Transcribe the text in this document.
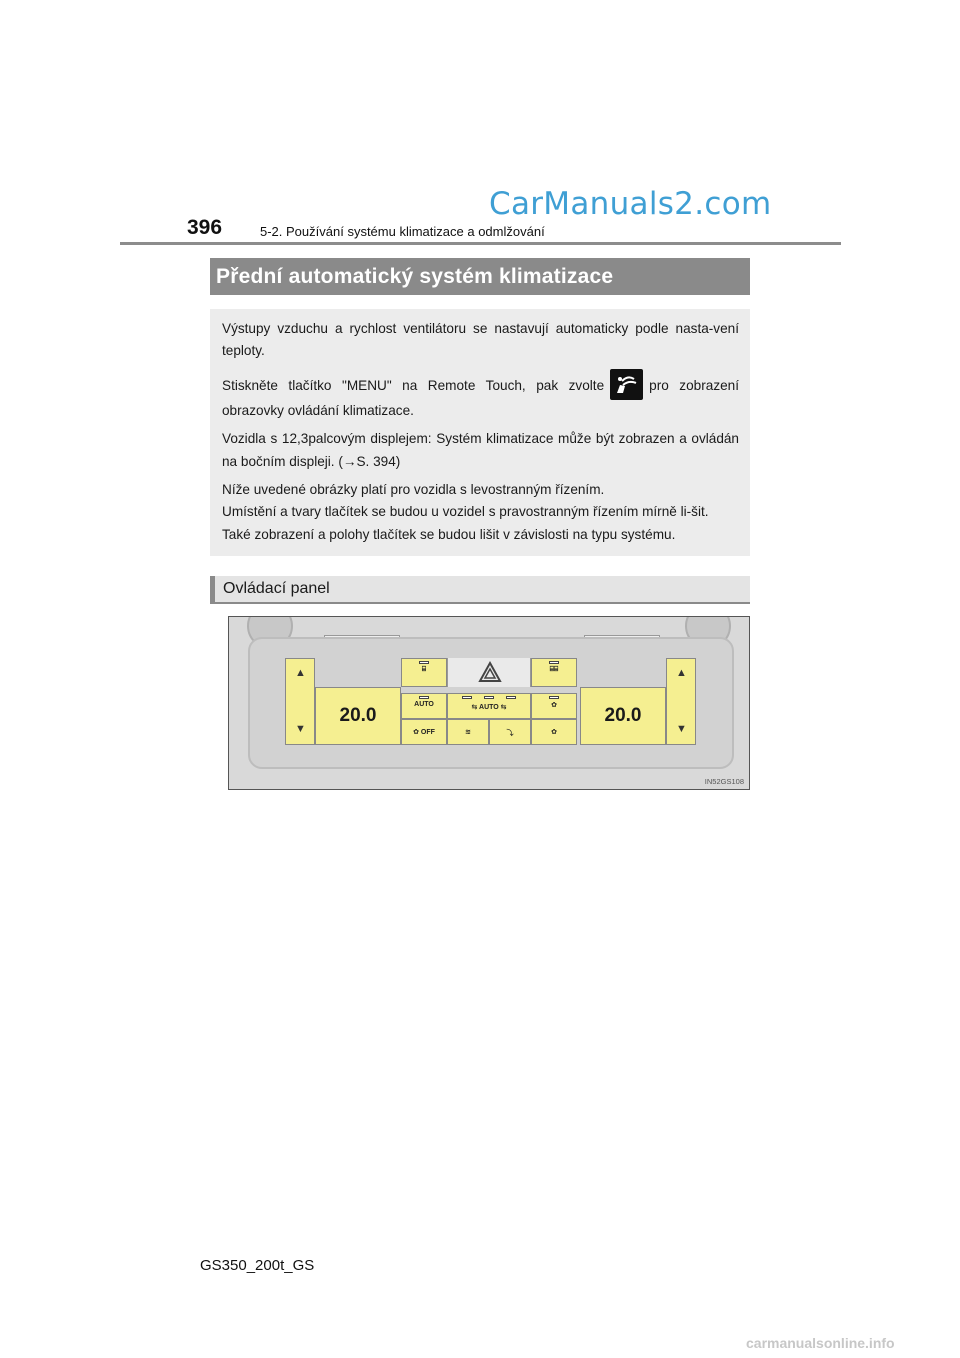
CarManuals2.com
396	5-2. Používání systému klimatizace a odmlžování
Přední automatický systém klimatizace

Výstupy vzduchu a rychlost ventilátoru se nastavují automaticky podle nasta-vení teploty.

Stiskněte tlačítko "MENU" na Remote Touch, pak zvolte	pro zobrazení obrazovky ovládání klimatizace.

Vozidla s 12,3palcovým displejem: Systém klimatizace může být zobrazen a ovládán na bočním displeji. (→S. 394)

Níže uvedené obrázky platí pro vozidla s levostranným řízením.

Umístění a tvary tlačítek se budou u vozidel s pravostranným řízením mírně li-šit.

Také zobrazení a polohy tlačítek se budou lišit v závislosti na typu systému.

Ovládací panel
▲
▼
20.0
⌸	⌸⌸
AUTO	⇆ AUTO ⇆	✿
✿ OFF	≋	⤵	✿
20.0
▲
▼
IN52GS108
GS350_200t_GS
carmanualsonline.info
